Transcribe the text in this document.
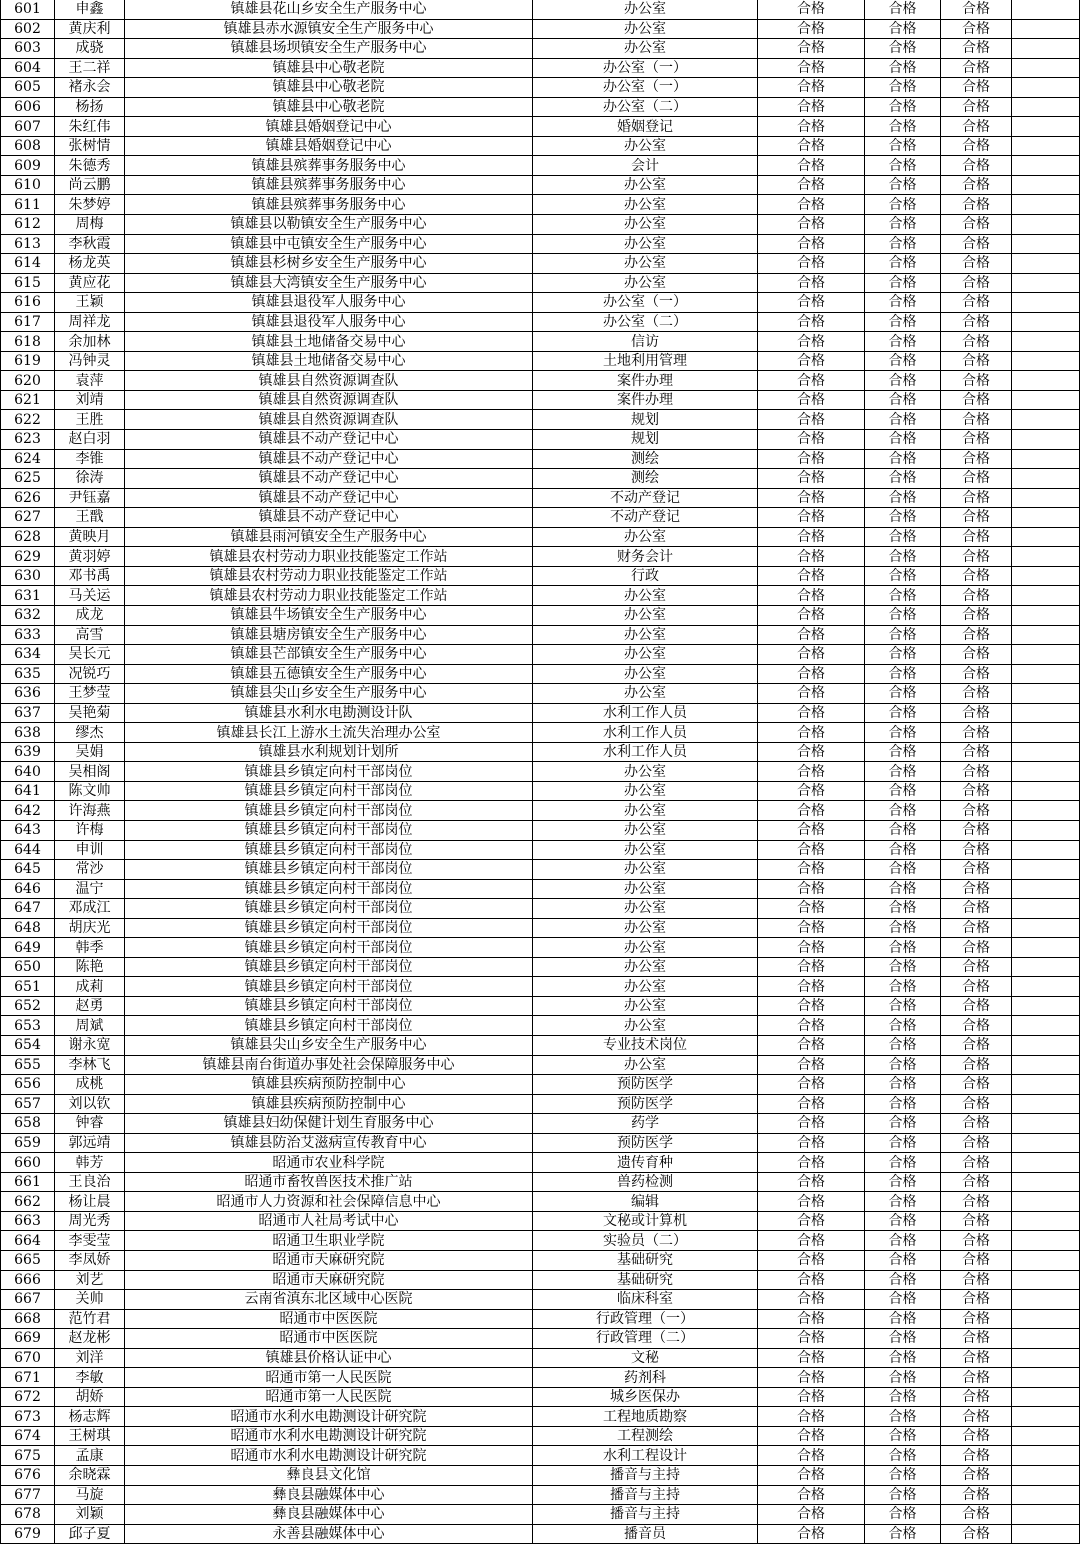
601	申鑫	镇雄县花山乡安全生产服务中心	办公室	合格	合格	合格	
602	黄庆利	镇雄县赤水源镇安全生产服务中心	办公室	合格	合格	合格	
603	成骁	镇雄县场坝镇安全生产服务中心	办公室	合格	合格	合格	
604	王二祥	镇雄县中心敬老院	办公室（一）	合格	合格	合格	
605	褚永会	镇雄县中心敬老院	办公室（一）	合格	合格	合格	
606	杨扬	镇雄县中心敬老院	办公室（二）	合格	合格	合格	
607	朱红伟	镇雄县婚姻登记中心	婚姻登记	合格	合格	合格	
608	张树情	镇雄县婚姻登记中心	办公室	合格	合格	合格	
609	朱德秀	镇雄县殡葬事务服务中心	会计	合格	合格	合格	
610	尚云鹏	镇雄县殡葬事务服务中心	办公室	合格	合格	合格	
611	朱梦婷	镇雄县殡葬事务服务中心	办公室	合格	合格	合格	
612	周梅	镇雄县以勒镇安全生产服务中心	办公室	合格	合格	合格	
613	李秋霞	镇雄县中屯镇安全生产服务中心	办公室	合格	合格	合格	
614	杨龙英	镇雄县杉树乡安全生产服务中心	办公室	合格	合格	合格	
615	黄应花	镇雄县大湾镇安全生产服务中心	办公室	合格	合格	合格	
616	王颖	镇雄县退役军人服务中心	办公室（一）	合格	合格	合格	
617	周祥龙	镇雄县退役军人服务中心	办公室（二）	合格	合格	合格	
618	余加林	镇雄县土地储备交易中心	信访	合格	合格	合格	
619	冯钟灵	镇雄县土地储备交易中心	土地利用管理	合格	合格	合格	
620	袁萍	镇雄县自然资源调查队	案件办理	合格	合格	合格	
621	刘靖	镇雄县自然资源调查队	案件办理	合格	合格	合格	
622	王胜	镇雄县自然资源调查队	规划	合格	合格	合格	
623	赵白羽	镇雄县不动产登记中心	规划	合格	合格	合格	
624	李锥	镇雄县不动产登记中心	测绘	合格	合格	合格	
625	徐涛	镇雄县不动产登记中心	测绘	合格	合格	合格	
626	尹钰嘉	镇雄县不动产登记中心	不动产登记	合格	合格	合格	
627	王戬	镇雄县不动产登记中心	不动产登记	合格	合格	合格	
628	黄映月	镇雄县雨河镇安全生产服务中心	办公室	合格	合格	合格	
629	黄羽婷	镇雄县农村劳动力职业技能鉴定工作站	财务会计	合格	合格	合格	
630	邓书禹	镇雄县农村劳动力职业技能鉴定工作站	行政	合格	合格	合格	
631	马关运	镇雄县农村劳动力职业技能鉴定工作站	办公室	合格	合格	合格	
632	成龙	镇雄县牛场镇安全生产服务中心	办公室	合格	合格	合格	
633	高雪	镇雄县塘房镇安全生产服务中心	办公室	合格	合格	合格	
634	吴长元	镇雄县芒部镇安全生产服务中心	办公室	合格	合格	合格	
635	况锐巧	镇雄县五德镇安全生产服务中心	办公室	合格	合格	合格	
636	王梦莹	镇雄县尖山乡安全生产服务中心	办公室	合格	合格	合格	
637	吴艳菊	镇雄县水利水电勘测设计队	水利工作人员	合格	合格	合格	
638	缪杰	镇雄县长江上游水土流失治理办公室	水利工作人员	合格	合格	合格	
639	吴娟	镇雄县水利规划计划所	水利工作人员	合格	合格	合格	
640	吴相阁	镇雄县乡镇定向村干部岗位	办公室	合格	合格	合格	
641	陈文帅	镇雄县乡镇定向村干部岗位	办公室	合格	合格	合格	
642	许海燕	镇雄县乡镇定向村干部岗位	办公室	合格	合格	合格	
643	许梅	镇雄县乡镇定向村干部岗位	办公室	合格	合格	合格	
644	申训	镇雄县乡镇定向村干部岗位	办公室	合格	合格	合格	
645	常沙	镇雄县乡镇定向村干部岗位	办公室	合格	合格	合格	
646	温宁	镇雄县乡镇定向村干部岗位	办公室	合格	合格	合格	
647	邓成江	镇雄县乡镇定向村干部岗位	办公室	合格	合格	合格	
648	胡庆光	镇雄县乡镇定向村干部岗位	办公室	合格	合格	合格	
649	韩季	镇雄县乡镇定向村干部岗位	办公室	合格	合格	合格	
650	陈艳	镇雄县乡镇定向村干部岗位	办公室	合格	合格	合格	
651	成莉	镇雄县乡镇定向村干部岗位	办公室	合格	合格	合格	
652	赵勇	镇雄县乡镇定向村干部岗位	办公室	合格	合格	合格	
653	周斌	镇雄县乡镇定向村干部岗位	办公室	合格	合格	合格	
654	谢永宽	镇雄县尖山乡安全生产服务中心	专业技术岗位	合格	合格	合格	
655	李林飞	镇雄县南台街道办事处社会保障服务中心	办公室	合格	合格	合格	
656	成桃	镇雄县疾病预防控制中心	预防医学	合格	合格	合格	
657	刘以钦	镇雄县疾病预防控制中心	预防医学	合格	合格	合格	
658	钟睿	镇雄县妇幼保健计划生育服务中心	药学	合格	合格	合格	
659	郭远靖	镇雄县防治艾滋病宣传教育中心	预防医学	合格	合格	合格	
660	韩芳	昭通市农业科学院	遗传育种	合格	合格	合格	
661	王良治	昭通市畜牧兽医技术推广站	兽药检测	合格	合格	合格	
662	杨让晨	昭通市人力资源和社会保障信息中心	编辑	合格	合格	合格	
663	周光秀	昭通市人社局考试中心	文秘或计算机	合格	合格	合格	
664	李雯莹	昭通卫生职业学院	实验员（二）	合格	合格	合格	
665	李凤娇	昭通市天麻研究院	基础研究	合格	合格	合格	
666	刘艺	昭通市天麻研究院	基础研究	合格	合格	合格	
667	关帅	云南省滇东北区域中心医院	临床科室	合格	合格	合格	
668	范竹君	昭通市中医医院	行政管理（一）	合格	合格	合格	
669	赵龙彬	昭通市中医医院	行政管理（二）	合格	合格	合格	
670	刘洋	镇雄县价格认证中心	文秘	合格	合格	合格	
671	李敏	昭通市第一人民医院	药剂科	合格	合格	合格	
672	胡娇	昭通市第一人民医院	城乡医保办	合格	合格	合格	
673	杨志辉	昭通市水利水电勘测设计研究院	工程地质勘察	合格	合格	合格	
674	王树琪	昭通市水利水电勘测设计研究院	工程测绘	合格	合格	合格	
675	孟康	昭通市水利水电勘测设计研究院	水利工程设计	合格	合格	合格	
676	余晓霖	彝良县文化馆	播音与主持	合格	合格	合格	
677	马旋	彝良县融媒体中心	播音与主持	合格	合格	合格	
678	刘颖	彝良县融媒体中心	播音与主持	合格	合格	合格	
679	邱子夏	永善县融媒体中心	播音员	合格	合格	合格	
